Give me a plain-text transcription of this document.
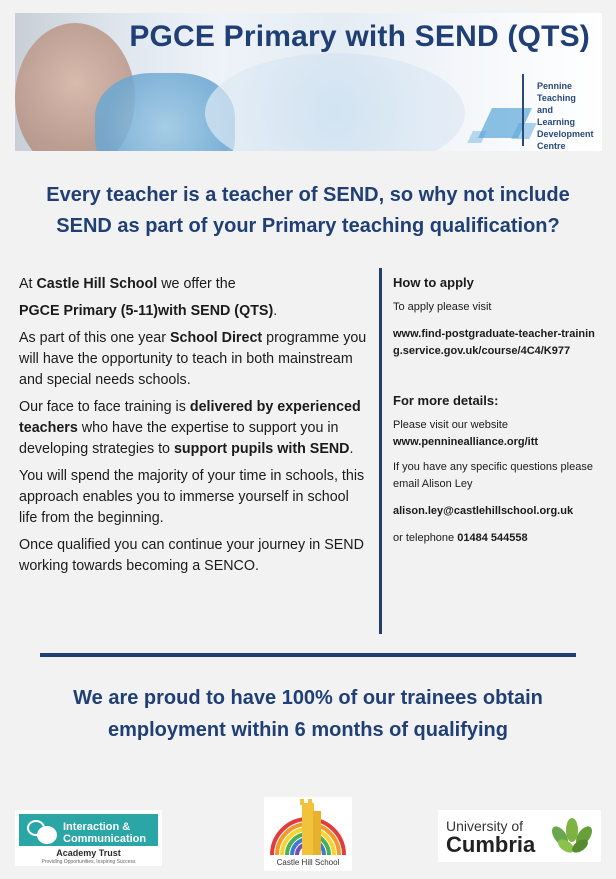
PGCE Primary with SEND (QTS)
Pennine
Teaching
and
Learning
Development
Centre
Every teacher is a teacher of SEND, so why not include SEND as part of your Primary teaching qualification?

At Castle Hill School we offer the

PGCE Primary (5-11)with SEND (QTS).

As part of this one year School Direct programme you will have the opportunity to teach in both mainstream and special needs schools.

Our face to face training is delivered by experienced teachers who have the expertise to support you in developing strategies to support pupils with SEND.

You will spend the majority of your time in schools, this approach enables you to immerse yourself in school life from the beginning.

Once qualified you can continue your journey in SEND working towards becoming a SENCO.

How to apply

To apply please visit

www.find-postgraduate-teacher-training.service.gov.uk/course/4C4/K977

For more details:

Please visit our website
www.penninealliance.org/itt

If you have any specific questions please email Alison Ley

alison.ley@castlehillschool.org.uk

or telephone 01484 544558

We are proud to have 100% of our trainees obtain employment within 6 months of qualifying
Interaction &
Communication
Academy Trust
Providing Opportunities, Inspiring Success	Castle Hill School
University of
Cumbria
